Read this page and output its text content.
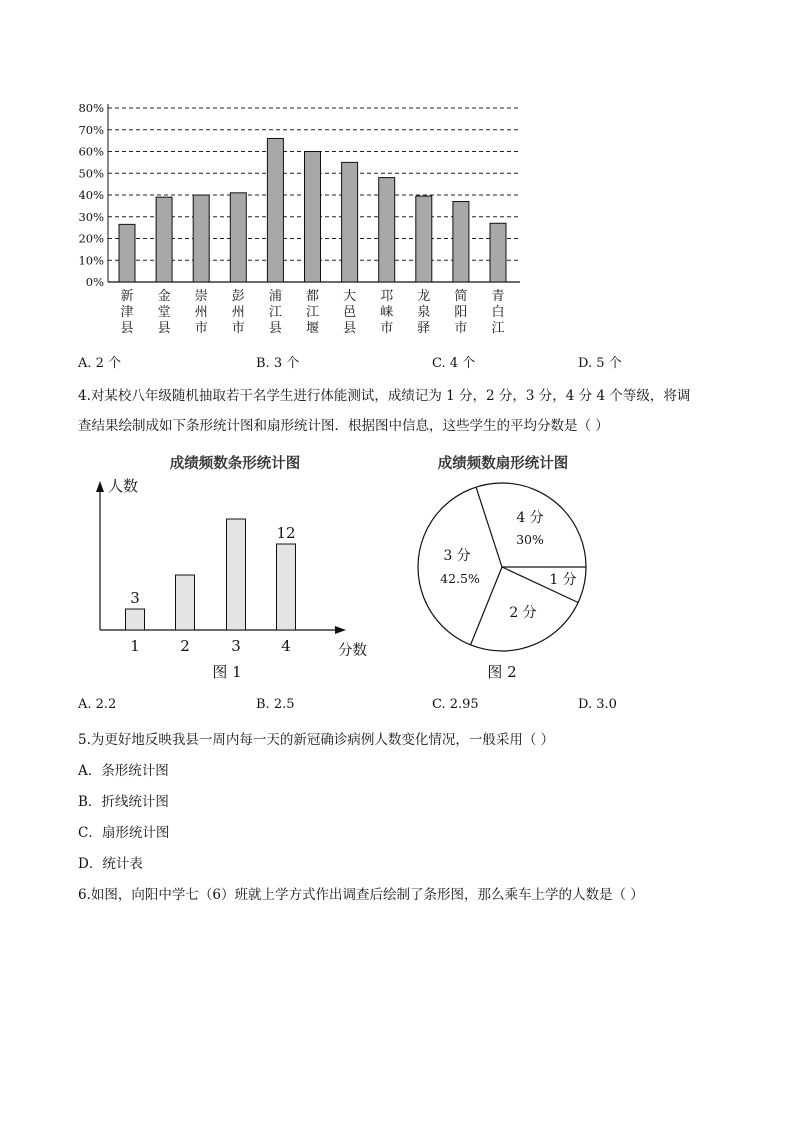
80%
70%
60%
50%
40%
30%
20%
10%
0%
新津县
金堂县
崇州市
彭州市
浦江县
都江堰
大邑县
邛崃市
龙泉驿
简阳市
青白江
A. 2 个	B. 3 个	C. 4 个	D. 5 个
4.对某校八年级随机抽取若干名学生进行体能测试，成绩记为 1 分，2 分，3 分，4 分 4 个等级，将调
查结果绘制成如下条形统计图和扇形统计图．根据图中信息，这些学生的平均分数是（ ）
成绩频数条形统计图
人数
分数
1
3
2	3	4
12
图 1
成绩频数扇形统计图
4 分
30%
1 分
2 分
3 分
42.5%
图 2
A. 2.2	B. 2.5	C. 2.95	D. 3.0
5.为更好地反映我县一周内每一天的新冠确诊病例人数变化情况，一般采用（ ）
A．条形统计图
B．折线统计图
C．扇形统计图
D．统计表
6.如图，向阳中学七（6）班就上学方式作出调查后绘制了条形图，那么乘车上学的人数是（ ）
